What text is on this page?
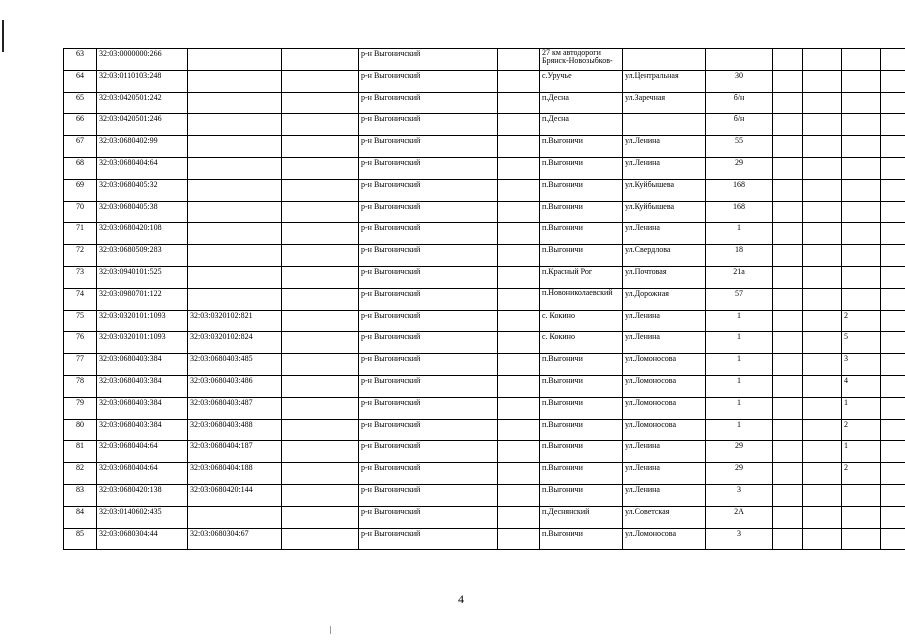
63	32:03:0000000:266			р-н Выгоничский		27 км автодороги Брянск-Новозыбков-						
64	32:03:0110103:248			р-н Выгоничский		с.Уручье	ул.Центральная	30				
65	32:03:0420501:242			р-н Выгоничский		п.Десна	ул.Заречная	б/н				
66	32:03:0420501:246			р-н Выгоничский		п.Десна		б/н				
67	32:03:0680402:99			р-н Выгоничский		п.Выгоничи	ул.Ленина	55				
68	32:03:0680404:64			р-н Выгоничский		п.Выгоничи	ул.Ленина	29				
69	32:03:0680405:32			р-н Выгоничский		п.Выгоничи	ул.Куйбышева	168				
70	32:03:0680405:38			р-н Выгоничский		п.Выгоничи	ул.Куйбышева	168				
71	32:03:0680420:108			р-н Выгоничский		п.Выгоничи	ул.Ленина	1				
72	32:03:0680509:283			р-н Выгоничский		п.Выгоничи	ул.Свердлова	18				
73	32:03:0940101:525			р-н Выгоничский		п.Красный Рог	ул.Почтовая	21а				
74	32:03:0980701:122			р-н Выгоничский		п.Новониколаевский	ул.Дорожная	57				
75	32:03:0320101:1093	32:03:0320102:821		р-н Выгоничский		с. Кокино	ул.Ленина	1			2	
76	32:03:0320101:1093	32:03:0320102:824		р-н Выгоничский		с. Кокино	ул.Ленина	1			5	
77	32:03:0680403:384	32:03:0680403:485		р-н Выгоничский		п.Выгоничи	ул.Ломоносова	1			3	
78	32:03:0680403:384	32:03:0680403:486		р-н Выгоничский		п.Выгоничи	ул.Ломоносова	1			4	
79	32:03:0680403:384	32:03:0680403:487		р-н Выгоничский		п.Выгоничи	ул.Ломоносова	1			1	
80	32:03:0680403:384	32:03:0680403:488		р-н Выгоничский		п.Выгоничи	ул.Ломоносова	1			2	
81	32:03:0680404:64	32:03:0680404:187		р-н Выгоничский		п.Выгоничи	ул.Ленина	29			1	
82	32:03:0680404:64	32:03:0680404:188		р-н Выгоничский		п.Выгоничи	ул.Ленина	29			2	
83	32:03:0680420:138	32:03:0680420:144		р-н Выгоничский		п.Выгоничи	ул.Ленина	3				
84	32:03:0140602:435			р-н Выгоничский		п.Деснянский	ул.Советская	2А				
85	32:03:0680304:44	32:03:0680304:67		р-н Выгоничский		п.Выгоничи	ул.Ломоносова	3				
4
